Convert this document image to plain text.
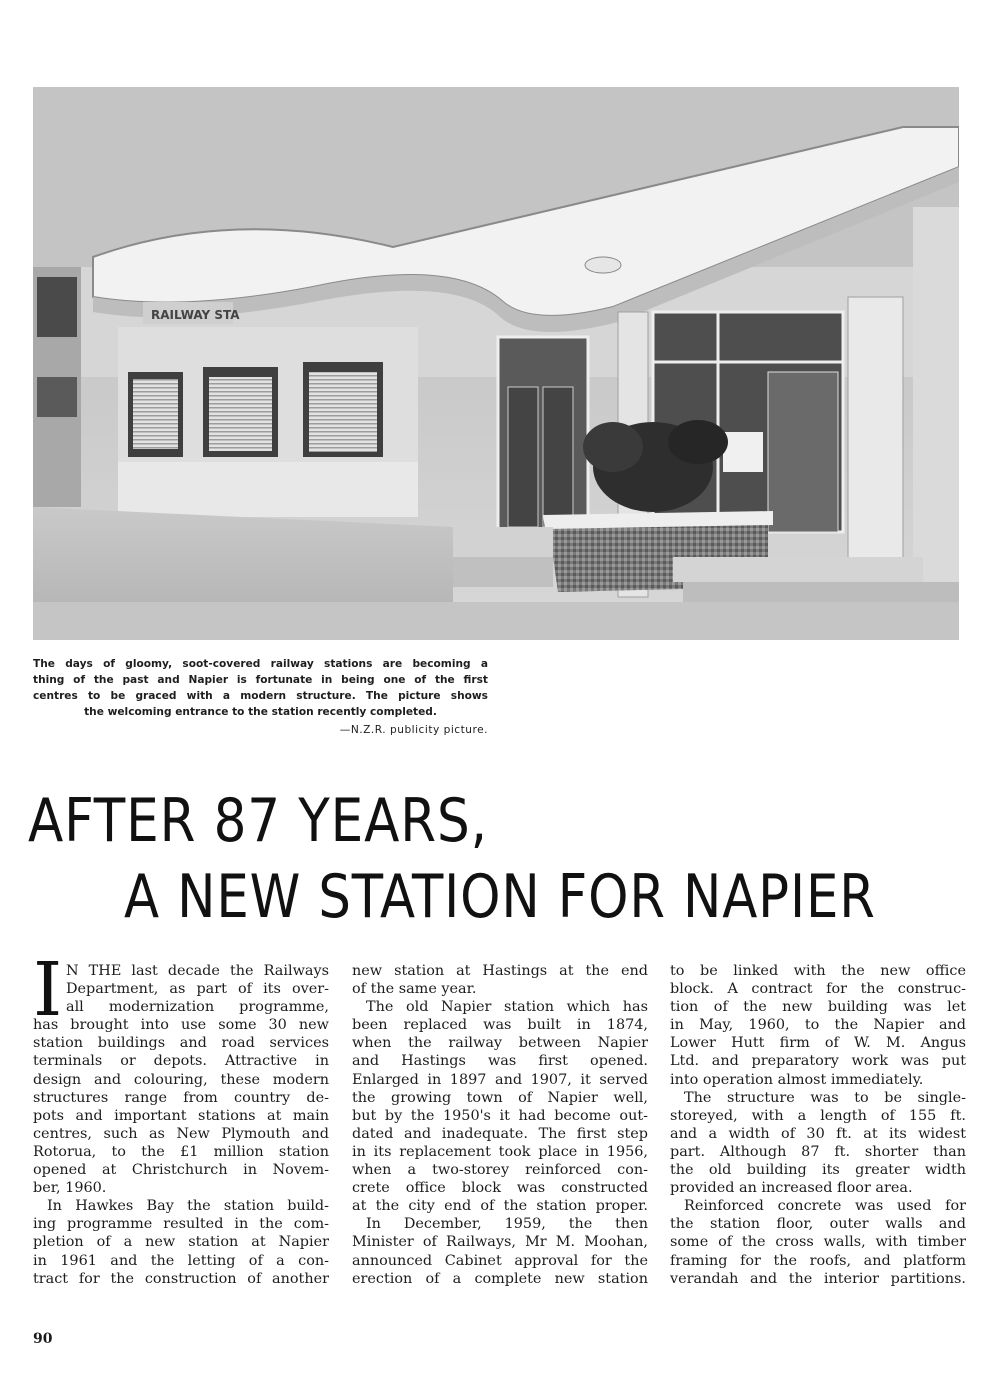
RAILWAY STA
The days of gloomy, soot-covered railway stations are becoming a
thing of the past and Napier is fortunate in being one of the first
centres to be graced with a modern structure. The picture shows
the welcoming entrance to the station recently completed.
—N.Z.R. publicity picture.
AFTER 87 YEARS,
A NEW STATION FOR NAPIER
I N THE last decade the Railways
Department, as part of its over-
all modernization programme,
has brought into use some 30 new
station buildings and road services
terminals or depots. Attractive in
design and colouring, these modern
structures range from country de-
pots and important stations at main
centres, such as New Plymouth and
Rotorua, to the £1 million station
opened at Christchurch in Novem-
ber, 1960.
In Hawkes Bay the station build-
ing programme resulted in the com-
pletion of a new station at Napier
in 1961 and the letting of a con-
tract for the construction of another
new station at Hastings at the end
of the same year.
The old Napier station which has
been replaced was built in 1874,
when the railway between Napier
and Hastings was first opened.
Enlarged in 1897 and 1907, it served
the growing town of Napier well,
but by the 1950's it had become out-
dated and inadequate. The first step
in its replacement took place in 1956,
when a two-storey reinforced con-
crete office block was constructed
at the city end of the station proper.
In December, 1959, the then
Minister of Railways, Mr M. Moohan,
announced Cabinet approval for the
erection of a complete new station
to be linked with the new office
block. A contract for the construc-
tion of the new building was let
in May, 1960, to the Napier and
Lower Hutt firm of W. M. Angus
Ltd. and preparatory work was put
into operation almost immediately.
The structure was to be single-
storeyed, with a length of 155 ft.
and a width of 30 ft. at its widest
part. Although 87 ft. shorter than
the old building its greater width
provided an increased floor area.
Reinforced concrete was used for
the station floor, outer walls and
some of the cross walls, with timber
framing for the roofs, and platform
verandah and the interior partitions.
90
